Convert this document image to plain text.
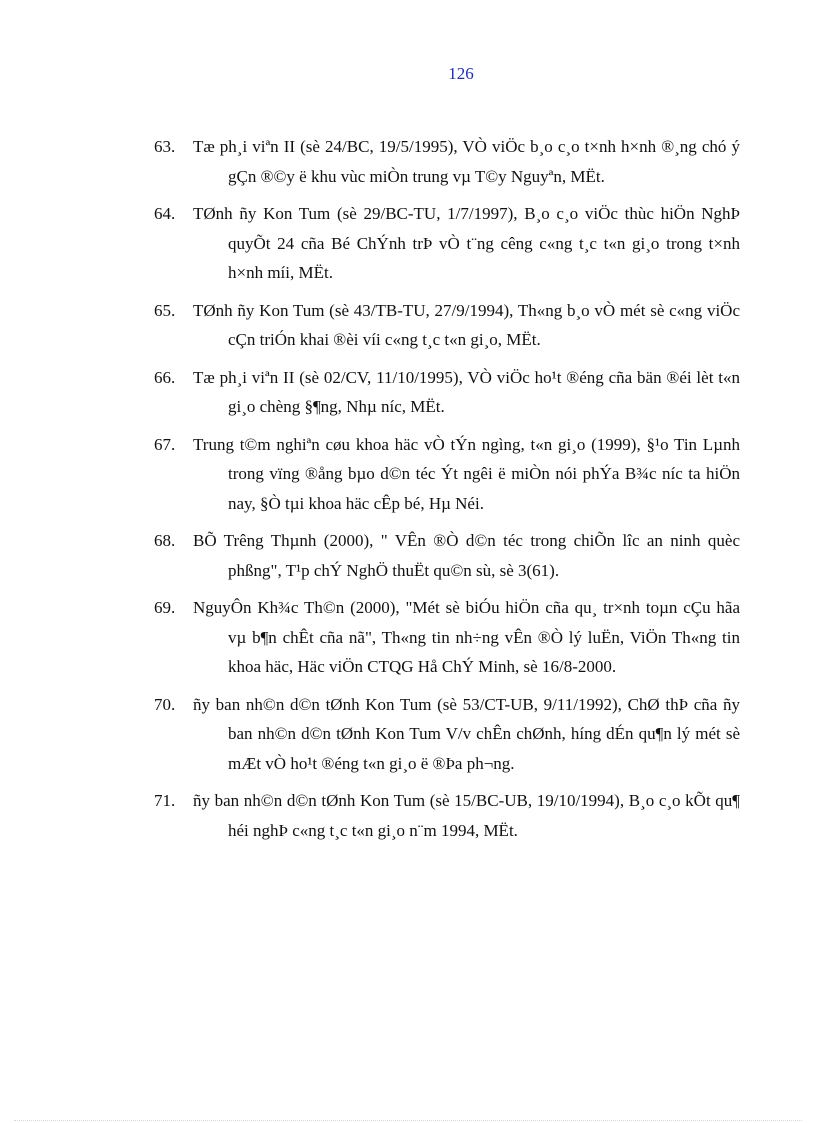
126
63.	Tæ ph¸i viªn II (sè 24/BC, 19/5/1995), VÒ viÖc b¸o c¸o t×nh h×nh ®¸ng chó ý gÇn ®©y ë khu vùc miÒn trung vµ T©y Nguyªn, MËt.
64.	TØnh ñy Kon Tum (sè 29/BC-TU, 1/7/1997), B¸o c¸o viÖc thùc hiÖn NghÞ quyÕt 24 cña Bé ChÝnh trÞ vÒ t¨ng cêng c«ng t¸c t«n gi¸o trong t×nh h×nh míi, MËt.
65.	TØnh ñy Kon Tum (sè 43/TB-TU, 27/9/1994), Th«ng b¸o vÒ mét sè c«ng viÖc cÇn triÓn khai ®èi víi c«ng t¸c t«n gi¸o, MËt.
66.	Tæ ph¸i viªn II (sè 02/CV, 11/10/1995), VÒ viÖc ho¹t ®éng cña bän ®éi lèt t«n gi¸o chèng §¶ng, Nhµ níc, MËt.
67.	Trung t©m nghiªn cøu khoa häc vÒ tÝn ngìng, t«n gi¸o (1999), §¹o Tin Lµnh trong vïng ®ång bµo d©n téc Ýt ngêi ë miÒn nói phÝa B¾c níc ta hiÖn nay, §Ò tµi khoa häc cÊp bé, Hµ Néi.
68.	BÕ Trêng Thµnh (2000), " VÊn ®Ò d©n téc trong chiÕn lîc an ninh quèc phßng", T¹p chÝ NghÖ thuËt qu©n sù, sè 3(61).
69.	NguyÔn Kh¾c Th©n (2000), "Mét sè biÓu hiÖn cña qu¸ tr×nh toµn cÇu hãa vµ b¶n chÊt cña nã", Th«ng tin nh÷ng vÊn ®Ò lý luËn, ViÖn Th«ng tin khoa häc, Häc viÖn CTQG Hå ChÝ Minh, sè 16/8-2000.
70.	ñy ban nh©n d©n tØnh Kon Tum (sè 53/CT-UB, 9/11/1992), ChØ thÞ cña ñy ban nh©n d©n tØnh Kon Tum V/v chÊn chØnh, híng dÉn qu¶n lý mét sè mÆt vÒ ho¹t ®éng t«n gi¸o ë ®Þa ph¬ng.
71.	ñy ban nh©n d©n tØnh Kon Tum (sè 15/BC-UB, 19/10/1994), B¸o c¸o kÕt qu¶ héi nghÞ c«ng t¸c t«n gi¸o n¨m 1994, MËt.
